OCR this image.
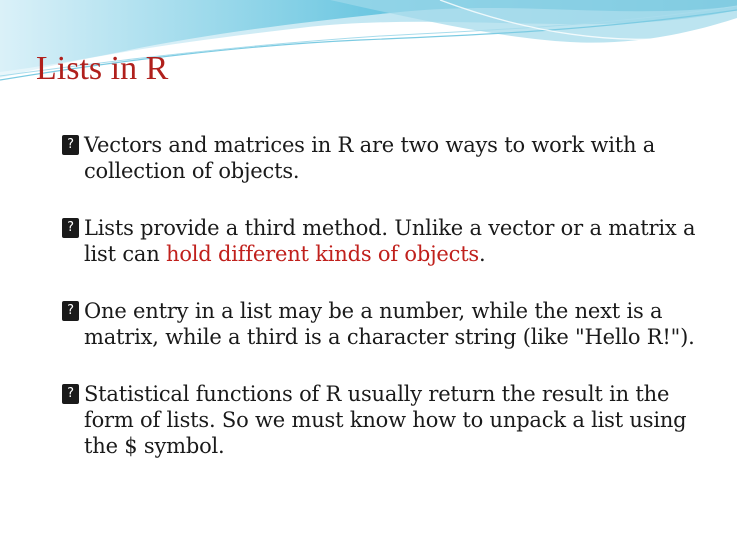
Lists in R
? Vectors and matrices in R are two ways to work with a collection of objects.
? Lists provide a third method. Unlike a vector or a matrix a list can hold different kinds of objects.
? One entry in a list may be a number, while the next is a matrix, while a third is a character string (like "Hello R!").
? Statistical functions of R usually return the result in the form of lists. So we must know how to unpack a list using the $ symbol.
